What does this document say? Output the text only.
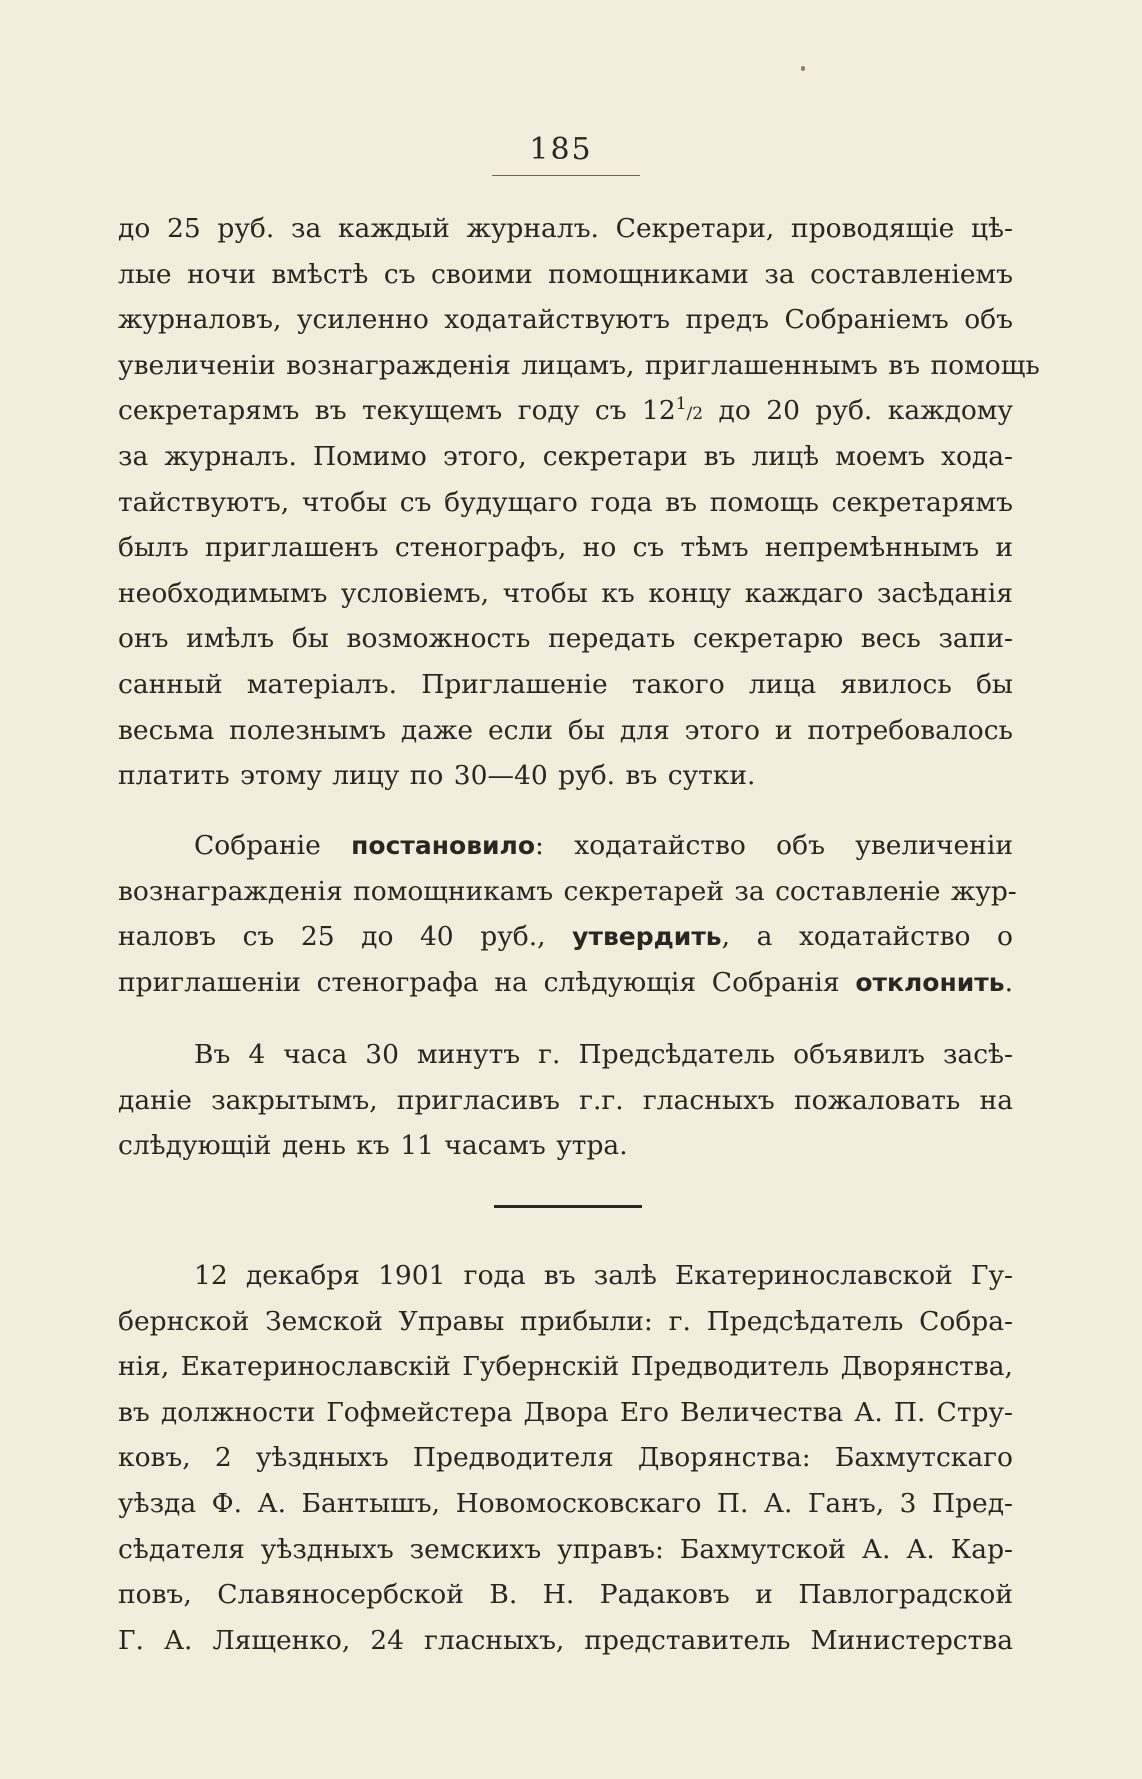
185
до 25 руб. за каждый журналъ. Секретари, проводящіе цѣ-
лые ночи вмѣстѣ съ своими помощниками за составленіемъ
журналовъ, усиленно ходатайствуютъ предъ Собраніемъ объ
увеличеніи вознагражденія лицамъ, приглашеннымъ въ помощь
секретарямъ въ текущемъ году съ $12^1/2$ до 20 руб. каждому
за журналъ. Помимо этого, секретари въ лицѣ моемъ хода-
тайствуютъ, чтобы съ будущаго года въ помощь секретарямъ
былъ приглашенъ стенографъ, но съ тѣмъ непремѣннымъ и
необходимымъ условіемъ, чтобы къ концу каждаго засѣданія
онъ имѣлъ бы возможность передать секретарю весь запи-
санный матеріалъ. Приглашеніе такого лица явилось бы
весьма полезнымъ даже если бы для этого и потребовалось
платить этому лицу по 30—40 руб. въ сутки.
Собраніе постановило: ходатайство объ увеличеніи
вознагражденія помощникамъ секретарей за составленіе жур-
наловъ съ 25 до 40 руб., утвердить, а ходатайство о
приглашеніи стенографа на слѣдующія Собранія отклонить.
Въ 4 часа 30 минутъ г. Предсѣдатель объявилъ засѣ-
даніе закрытымъ, пригласивъ г.г. гласныхъ пожаловать на
слѣдующій день къ 11 часамъ утра.
12 декабря 1901 года въ залѣ Екатеринославской Гу-
бернской Земской Управы прибыли: г. Предсѣдатель Собра-
нія, Екатеринославскій Губернскій Предводитель Дворянства,
въ должности Гофмейстера Двора Его Величества А. П. Стру-
ковъ, 2 уѣздныхъ Предводителя Дворянства: Бахмутскаго
уѣзда Ф. А. Бантышъ, Новомосковскаго П. А. Ганъ, 3 Пред-
сѣдателя уѣздныхъ земскихъ управъ: Бахмутской А. А. Кар-
повъ, Славяносербской В. Н. Радаковъ и Павлоградской
Г. А. Лященко, 24 гласныхъ, представитель Министерства
